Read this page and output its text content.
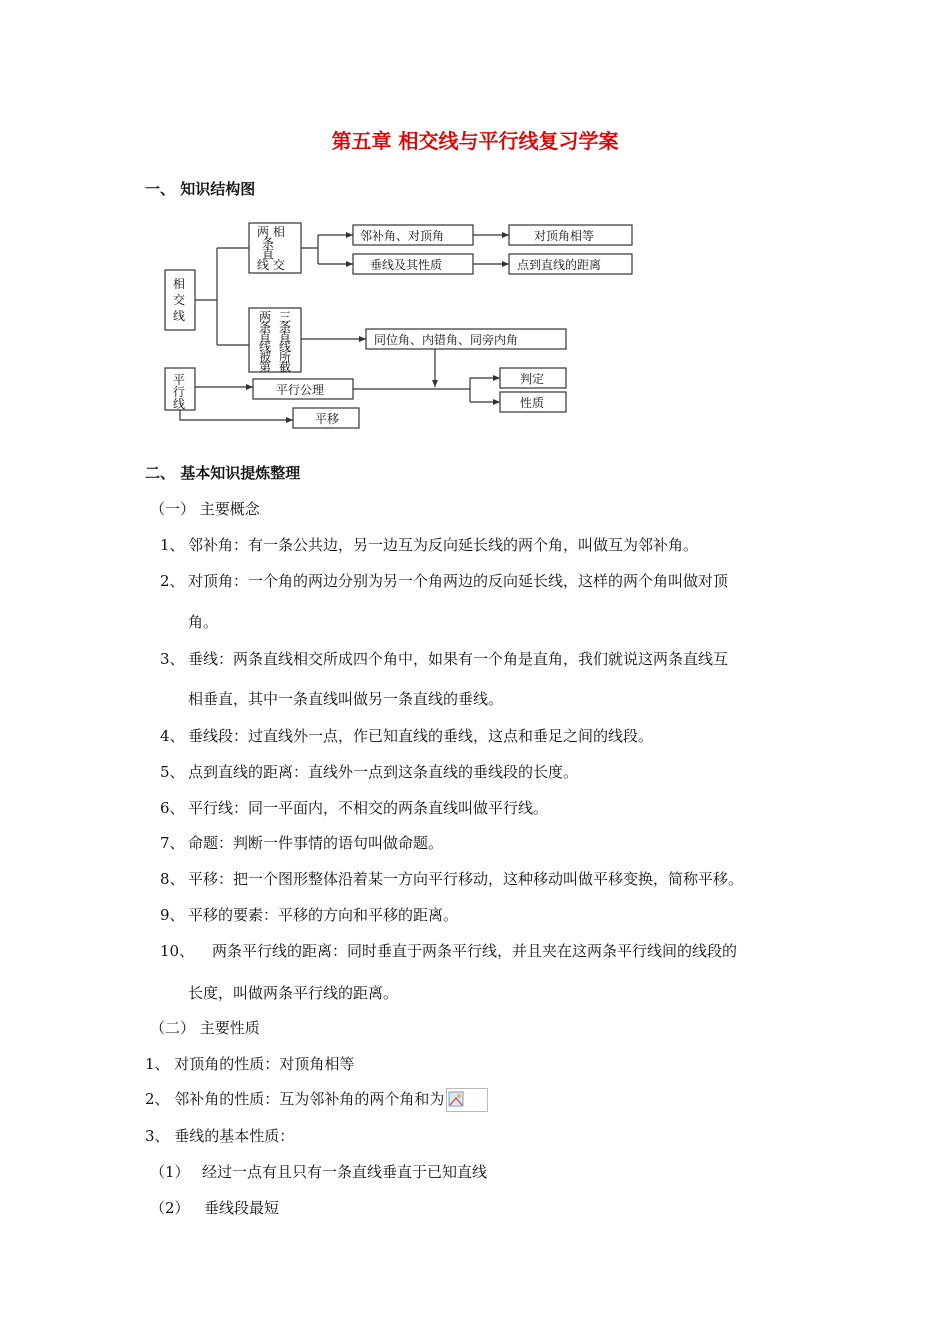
第五章 相交线与平行线复习学案
一、 知识结构图
相
交
线
平
行
线
两 相
条
直
线 交
两
条
直
线
被
第
三
条
直
线
所
截
邻补角、对顶角	对顶角相等
垂线及其性质	点到直线的距离
同位角、内错角、同旁内角
平行公理
平移
判定
性质
二、 基本知识提炼整理
（一） 主要概念
1、 邻补角：有一条公共边，另一边互为反向延长线的两个角，叫做互为邻补角。
2、 对顶角：一个角的两边分别为另一个角两边的反向延长线，这样的两个角叫做对顶
角。
3、 垂线：两条直线相交所成四个角中，如果有一个角是直角，我们就说这两条直线互
相垂直，其中一条直线叫做另一条直线的垂线。
4、 垂线段：过直线外一点，作已知直线的垂线，这点和垂足之间的线段。
5、 点到直线的距离：直线外一点到这条直线的垂线段的长度。
6、 平行线：同一平面内，不相交的两条直线叫做平行线。
7、 命题：判断一件事情的语句叫做命题。
8、 平移：把一个图形整体沿着某一方向平行移动，这种移动叫做平移变换，简称平移。
9、 平移的要素：平移的方向和平移的距离。
10、 两条平行线的距离：同时垂直于两条平行线，并且夹在这两条平行线间的线段的
长度，叫做两条平行线的距离。
（二） 主要性质
1、 对顶角的性质：对顶角相等
2、 邻补角的性质：互为邻补角的两个角和为
3、 垂线的基本性质：
（1） 经过一点有且只有一条直线垂直于已知直线
（2） 垂线段最短
